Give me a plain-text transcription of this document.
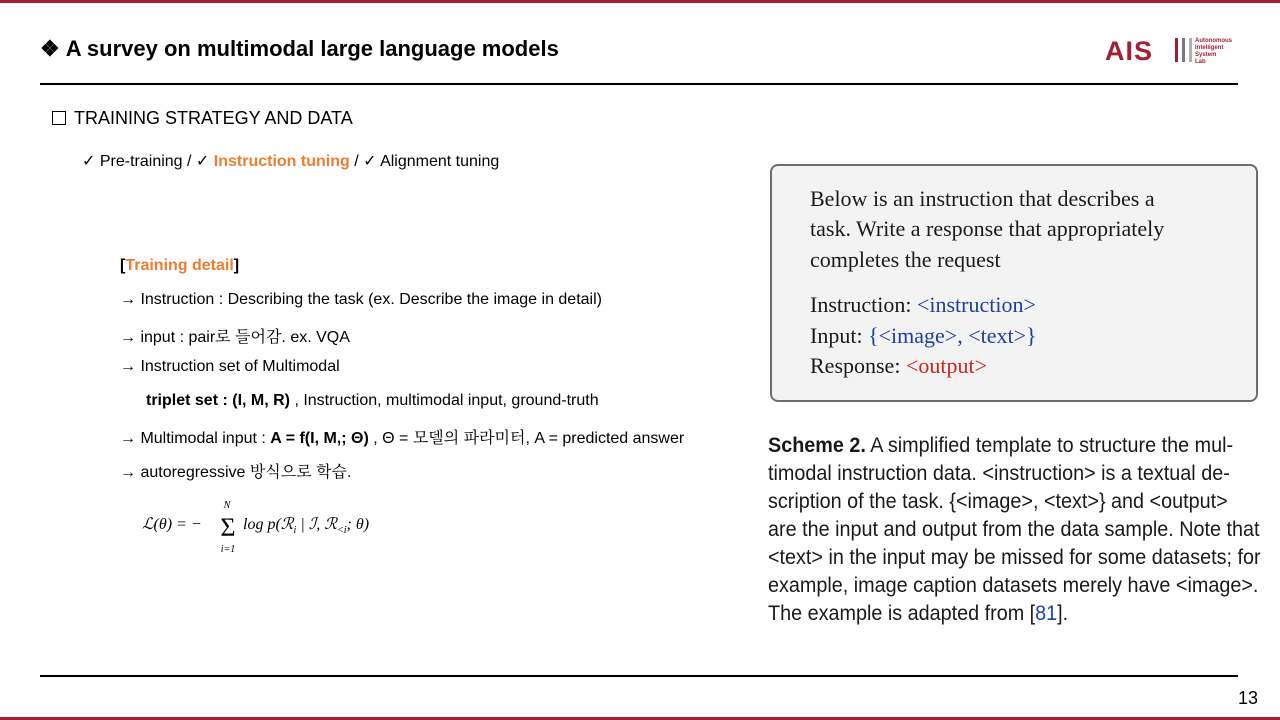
❖ A survey on multimodal large language models	AIS	Autonomous
Intelligent
System
Lab
TRAINING STRATEGY AND DATA
✓ Pre-training / ✓ Instruction tuning / ✓ Alignment tuning
[Training detail]
→ Instruction : Describing the task (ex. Describe the image in detail)
→ input : pair로 들어감. ex. VQA
→ Instruction set of Multimodal
triplet set : (I, M, R) , Instruction, multimodal input, ground-truth
→ Multimodal input : A = f(I, M,; Θ) , Θ = 모델의 파라미터, A = predicted answer
→ autoregressive 방식으로 학습.
ℒ(θ) = −
N
Σ
i=1
log p(ℛ$_i$ | ℐ, ℛ$_{<i}$; θ)
Below is an instruction that describes a
task. Write a response that appropriately
completes the request
Instruction: <instruction>
Input: {<image>, <text>}
Response: <output>
Scheme 2. A simplified template to structure the mul-
timodal instruction data. <instruction> is a textual de-
scription of the task. {<image>, <text>} and <output>
are the input and output from the data sample. Note that
<text> in the input may be missed for some datasets; for
example, image caption datasets merely have <image>.
The example is adapted from [81].
13
